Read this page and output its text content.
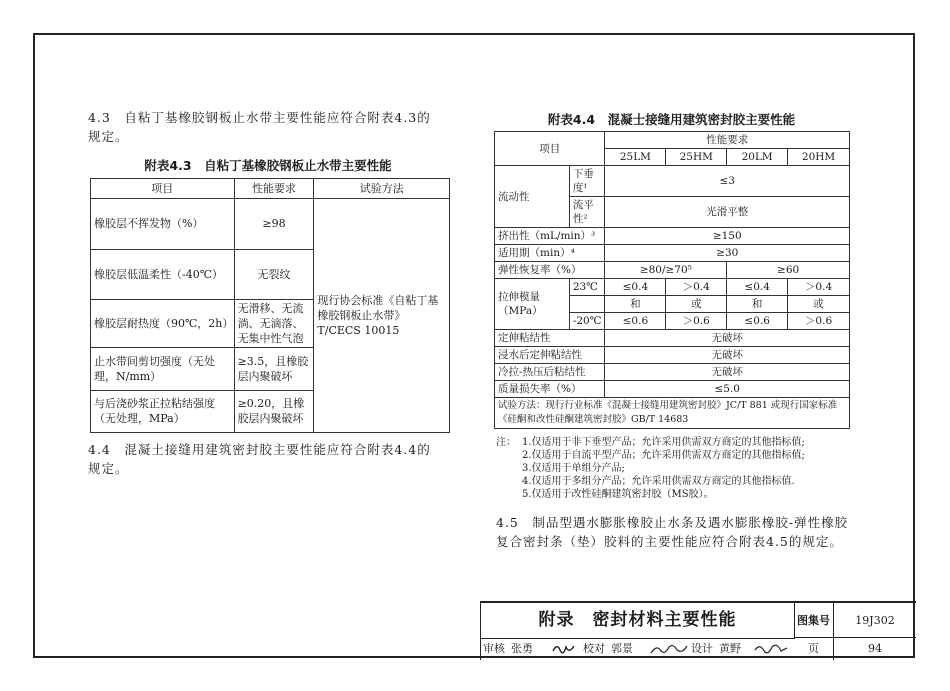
4.3　自粘丁基橡胶钢板止水带主要性能应符合附表4.3的
规定。
附表4.3　自粘丁基橡胶钢板止水带主要性能
项目	性能要求	试验方法
橡胶层不挥发物（%）	≥98	现行协会标准《自粘丁基橡胶钢板止水带》T/CECS 10015
橡胶层低温柔性（-40℃）	无裂纹	
橡胶层耐热度（90℃，2h）	无滑移、无流淌、无滴落、无集中性气泡	
止水带间剪切强度（无处理，N/mm）	≥3.5，且橡胶层内聚破坏	
与后浇砂浆正拉粘结强度（无处理，MPa）	≥0.20，且橡胶层内聚破坏	
4.4　混凝土接缝用建筑密封胶主要性能应符合附表4.4的
规定。
附表4.4　混凝士接缝用建筑密封胶主要性能
项目		性能要求			
		25LM	25HM	20LM	20HM
流动性	下垂度¹	≤3			
	流平性²	光滑平整			
挤出性（mL/min）³		≥150			
适用期（min）⁴		≥30			
弹性恢复率（%）		≥80/≥70⁵		≥60	
拉伸模量（MPa）	23℃	≤0.4	＞0.4	≤0.4	＞0.4
		和	或	和	或
	-20℃	≤0.6	＞0.6	≤0.6	＞0.6
定伸粘结性		无破坏			
浸水后定伸粘结性		无破坏			
冷拉-热压后粘结性		无破坏			
质量损失率（%）		≤5.0			
试验方法：现行行业标准《混凝士接缝用建筑密封胶》JC/T 881 或现行国家标准《硅酮和改性硅酮建筑密封胶》GB/T 14683					
注： 1.仅适用于非下垂型产品；允许采用供需双方商定的其他指标值;
2.仅适用于自流平型产品；允许采用供需双方商定的其他指标值;
3.仅适用于单组分产品;
4.仅适用于多组分产品；允许采用供需双方商定的其他指标值.
5.仅适用于改性硅酮建筑密封胶（MS胶）。
4.5　制品型遇水膨胀橡胶止水条及遇水膨胀橡胶-弹性橡胶
复合密封条（垫）胶料的主要性能应符合附表4.5的规定。
附录　密封材料主要性能	图集号	19J302
页	94
审核 张勇	校对 郭景	设计 黄野
